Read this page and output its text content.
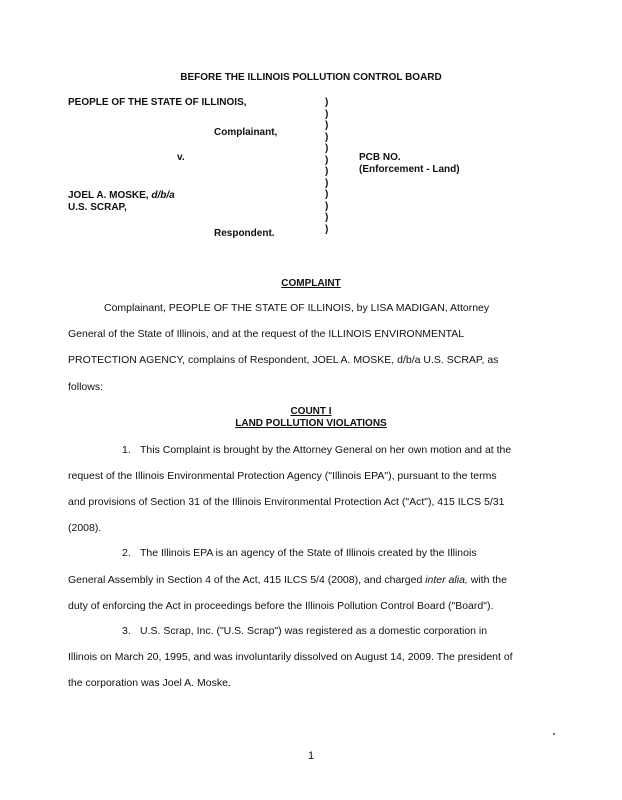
BEFORE THE ILLINOIS POLLUTION CONTROL BOARD
PEOPLE OF THE STATE OF ILLINOIS,
Complainant,
v.	PCB NO.
(Enforcement - Land)
JOEL A. MOSKE, d/b/a
U.S. SCRAP,
Respondent.
)
)
)
)
)
)
)
)
)
)
)
)
COMPLAINT
Complainant, PEOPLE OF THE STATE OF ILLINOIS, by LISA MADIGAN, Attorney
General of the State of Illinois, and at the request of the ILLINOIS ENVIRONMENTAL
PROTECTION AGENCY, complains of Respondent, JOEL A. MOSKE, d/b/a U.S. SCRAP, as
follows:
COUNT I
LAND POLLUTION VIOLATIONS
1. This Complaint is brought by the Attorney General on her own motion and at the
request of the Illinois Environmental Protection Agency ("Illinois EPA"), pursuant to the terms
and provisions of Section 31 of the Illinois Environmental Protection Act ("Act"), 415 ILCS 5/31
(2008).
2. The Illinois EPA is an agency of the State of Illinois created by the Illinois
General Assembly in Section 4 of the Act, 415 ILCS 5/4 (2008), and charged inter alia, with the
duty of enforcing the Act in proceedings before the Illinois Pollution Control Board ("Board").
3. U.S. Scrap, Inc. ("U.S. Scrap") was registered as a domestic corporation in
Illinois on March 20, 1995, and was involuntarily dissolved on August 14, 2009. The president of
the corporation was Joel A. Moske.
1
